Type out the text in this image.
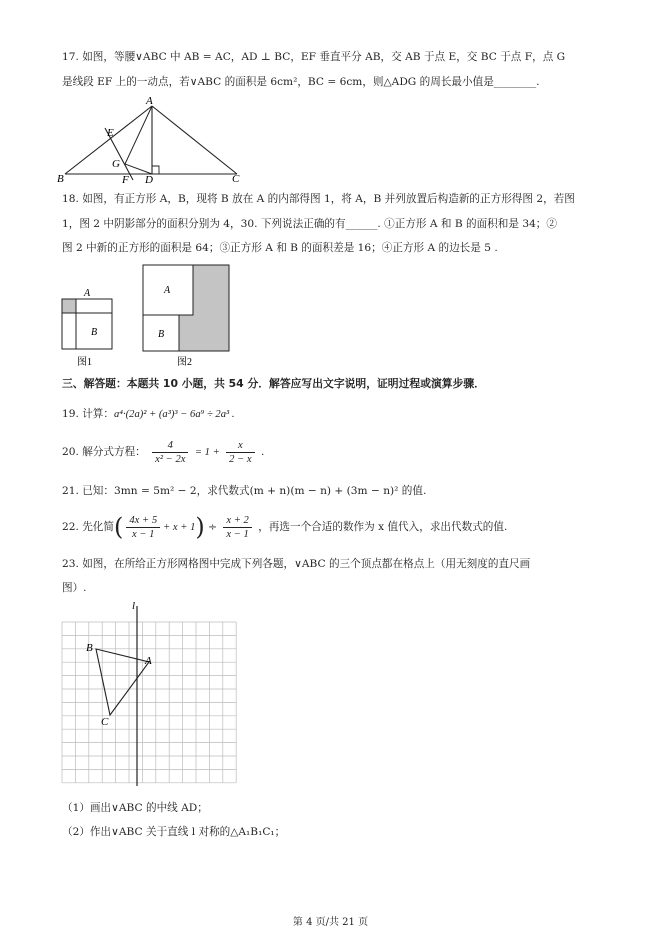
17. 如图，等腰∨ABC 中 AB = AC，AD ⊥ BC，EF 垂直平分 AB，交 AB 于点 E，交 BC 于点 F，点 G
是线段 EF 上的一动点，若∨ABC 的面积是 6cm²，BC = 6cm，则△ADG 的周长最小值是________.
A
B	C
D
E
F
G
18. 如图，有正方形 A，B，现将 B 放在 A 的内部得图 1，将 A，B 并列放置后构造新的正方形得图 2，若图
1，图 2 中阴影部分的面积分别为 4，30. 下列说法正确的有______. ①正方形 A 和 B 的面积和是 34；②
图 2 中新的正方形的面积是 64；③正方形 A 和 B 的面积差是 16；④正方形 A 的边长是 5 .
A
B
图1
A
B
图2
三、解答题：本题共 10 小题，共 54 分．解答应写出文字说明，证明过程或演算步骤．
19. 计算：a⁴·(2a)² + (a³)³ − 6a⁹ ÷ 2a³ .
20. 解分式方程： $\frac{4}{\text{x² − 2x}} = 1 + \frac{x}{2 - x}$ .
21. 已知：3mn = 5m² − 2，求代数式(m + n)(m − n) + (3m − n)² 的值.
22. 先化简( $\frac{4x + 5}{x - 1} + x + 1) \div \frac{x + 2}{x - 1}$ ，再选一个合适的数作为 x 值代入，求出代数式的值.
23. 如图，在所给正方形网格图中完成下列各题，∨ABC 的三个顶点都在格点上（用无刻度的直尺画
图）.
l
B
A
C
（1）画出∨ABC 的中线 AD；
（2）作出∨ABC 关于直线 l 对称的△A₁B₁C₁；
第 4 页/共 21 页
